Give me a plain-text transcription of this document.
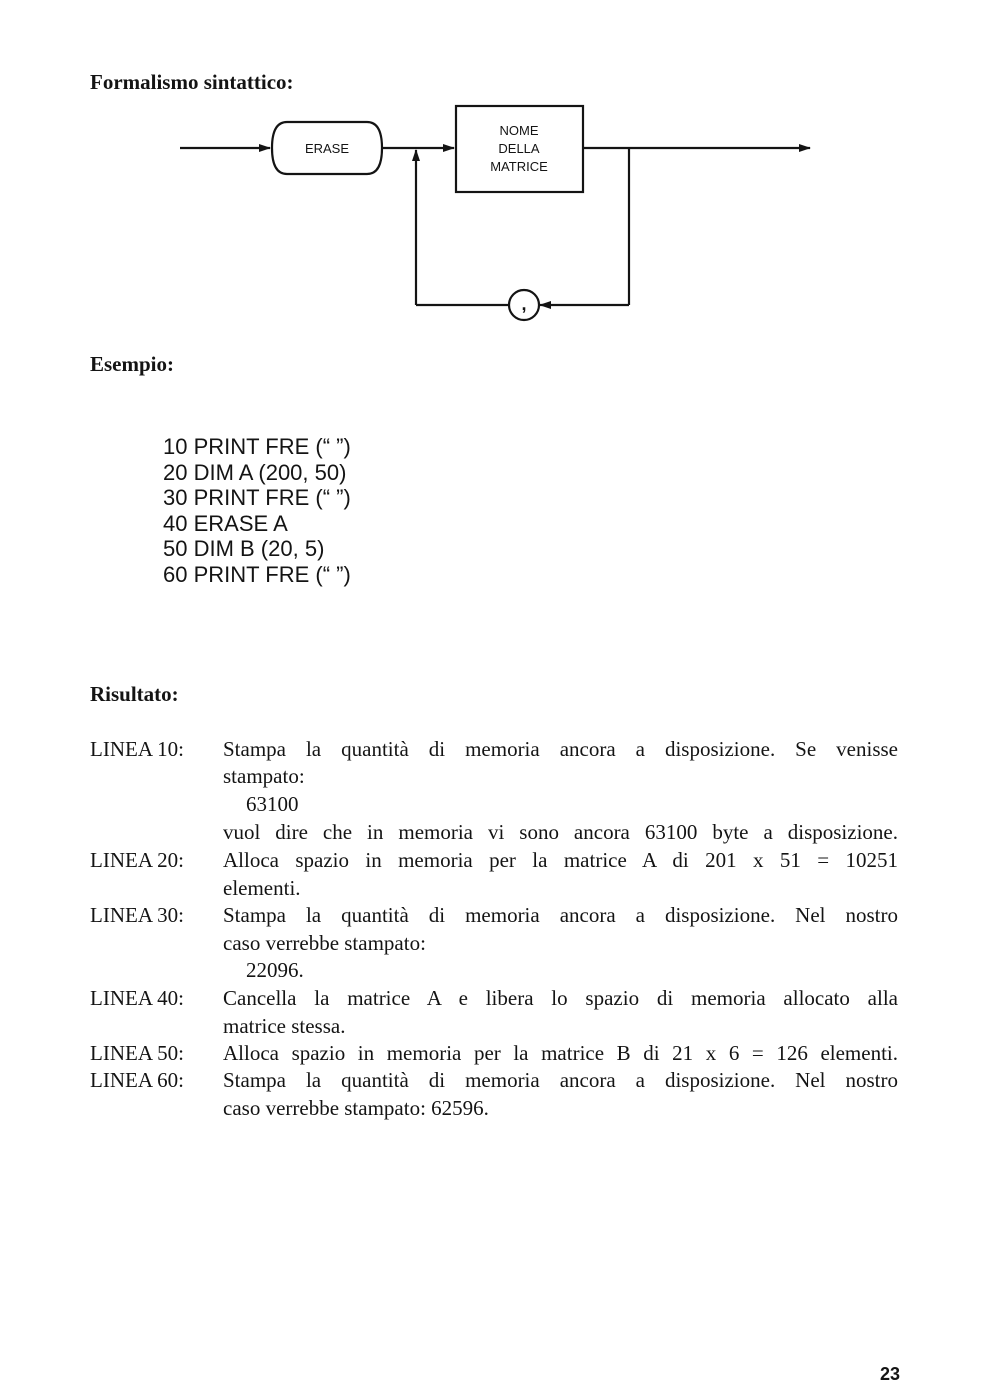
Formalismo sintattico:
ERASE
NOME
DELLA
MATRICE
,
Esempio:
10 PRINT FRE (“ ”)
20 DIM A (200, 50)
30 PRINT FRE (“ ”)
40 ERASE A
50 DIM B (20, 5)
60 PRINT FRE (“ ”)
Risultato:
LINEA 10: Stampa la quantità di memoria ancora a disposizione. Se venisse
stampato:
63100
vuol dire che in memoria vi sono ancora 63100 byte a disposizione.
LINEA 20: Alloca spazio in memoria per la matrice A di 201 x 51 = 10251
elementi.
LINEA 30: Stampa la quantità di memoria ancora a disposizione. Nel nostro
caso verrebbe stampato:
22096.
LINEA 40: Cancella la matrice A e libera lo spazio di memoria allocato alla
matrice stessa.
LINEA 50: Alloca spazio in memoria per la matrice B di 21 x 6 = 126 elementi.
LINEA 60: Stampa la quantità di memoria ancora a disposizione. Nel nostro
caso verrebbe stampato: 62596.
23
